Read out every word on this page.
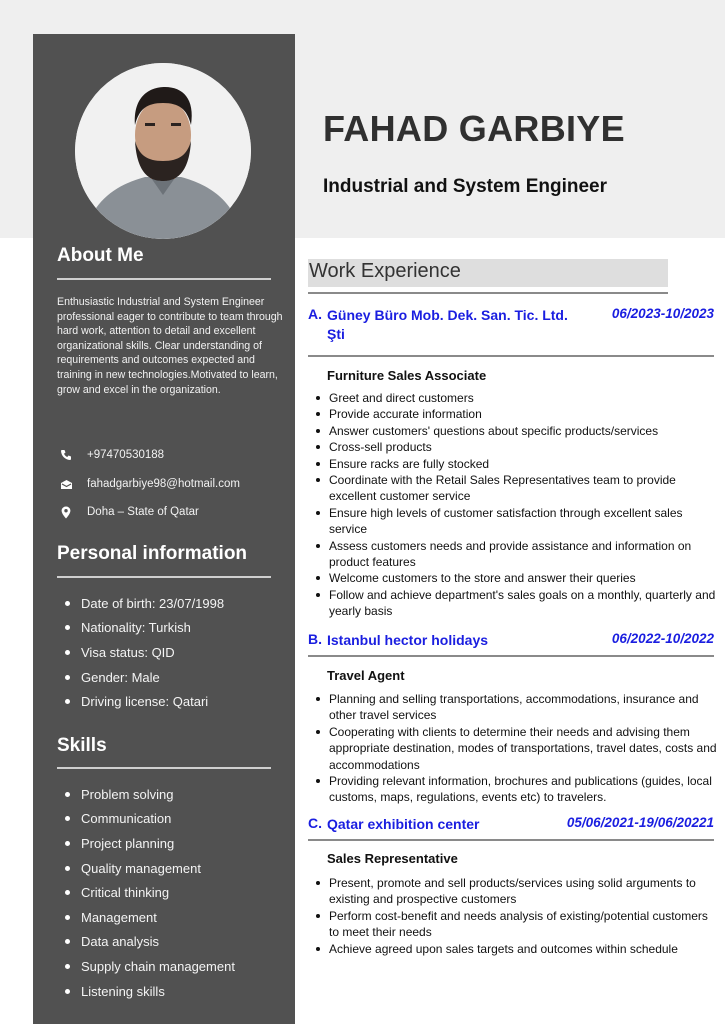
About Me
Enthusiastic Industrial and System Engineer professional eager to contribute to team through hard work, attention to detail and excellent organizational skills. Clear understanding of requirements and outcomes expected and training in new technologies.Motivated to learn, grow and excel in the organization.
+97470530188
fahadgarbiye98@hotmail.com
Doha – State of Qatar
Personal information
Date of birth: 23/07/1998
Nationality: Turkish
Visa status: QID
Gender: Male
Driving license: Qatari
Skills
Problem solving
Communication
Project planning
Quality management
Critical thinking
Management
Data analysis
Supply chain management
Listening skills
FAHAD GARBIYE
Industrial and System Engineer
Work Experience
A. Güney Büro Mob. Dek. San. Tic. Ltd. Şti
06/2023-10/2023
Furniture Sales Associate
Greet and direct customers
Provide accurate information
Answer customers' questions about specific products/services
Cross-sell products
Ensure racks are fully stocked
Coordinate with the Retail Sales Representatives team to provide excellent customer service
Ensure high levels of customer satisfaction through excellent sales service
Assess customers needs and provide assistance and information on product features
Welcome customers to the store and answer their queries
Follow and achieve department's sales goals on a monthly, quarterly and yearly basis
B. Istanbul hector holidays	06/2022-10/2022
Travel Agent
Planning and selling transportations, accommodations, insurance and other travel services
Cooperating with clients to determine their needs and advising them appropriate destination, modes of transportations, travel dates, costs and accommodations
Providing relevant information, brochures and publications (guides, local customs, maps, regulations, events etc) to travelers.
C. Qatar exhibition center	05/06/2021-19/06/20221
Sales Representative
Present, promote and sell products/services using solid arguments to existing and prospective customers
Perform cost-benefit and needs analysis of existing/potential customers to meet their needs
Achieve agreed upon sales targets and outcomes within schedule
